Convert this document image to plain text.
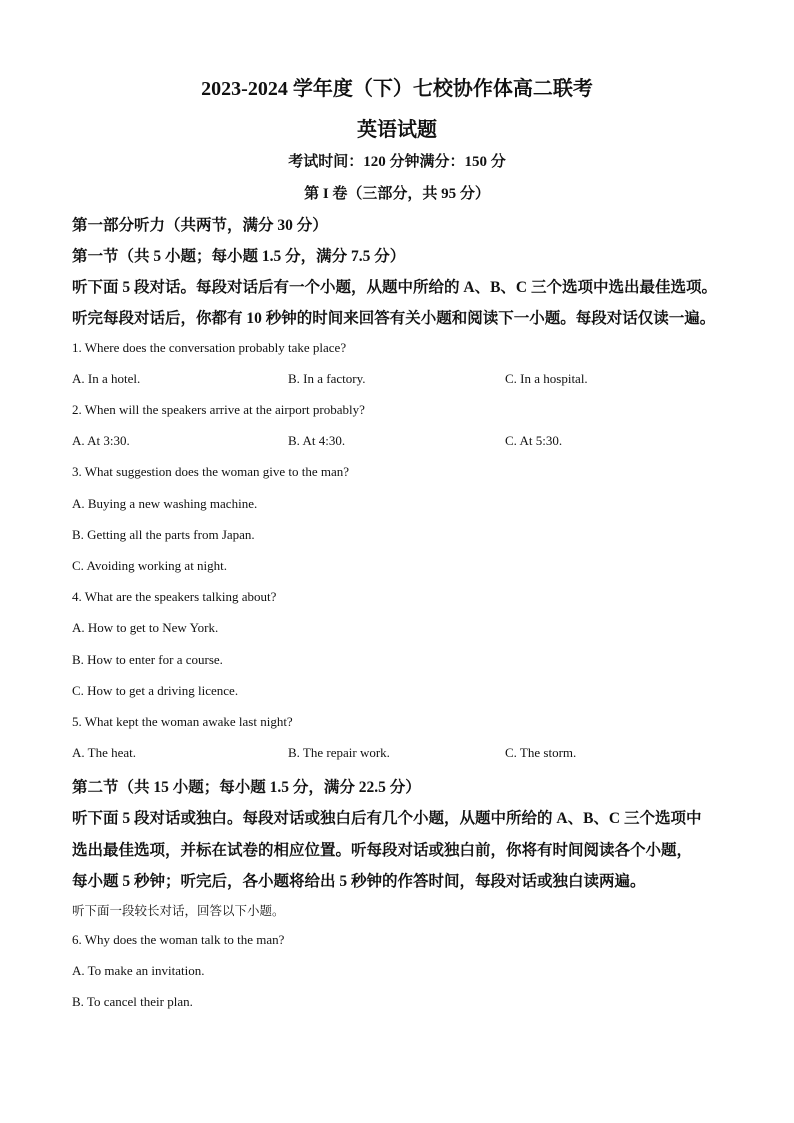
2023-2024 学年度（下）七校协作体高二联考
英语试题
考试时间：120 分钟满分：150 分
第 I 卷（三部分，共 95 分）
第一部分听力（共两节，满分 30 分）
第一节（共 5 小题；每小题 1.5 分，满分 7.5 分）
听下面 5 段对话。每段对话后有一个小题，从题中所给的 A、B、C 三个选项中选出最佳选项。
听完每段对话后，你都有 10 秒钟的时间来回答有关小题和阅读下一小题。每段对话仅读一遍。
1. Where does the conversation probably take place?
A. In a hotel.	B. In a factory.	C. In a hospital.
2. When will the speakers arrive at the airport probably?
A. At 3:30.	B. At 4:30.	C. At 5:30.
3. What suggestion does the woman give to the man?
A. Buying a new washing machine.
B. Getting all the parts from Japan.
C. Avoiding working at night.
4. What are the speakers talking about?
A. How to get to New York.
B. How to enter for a course.
C. How to get a driving licence.
5. What kept the woman awake last night?
A. The heat.	B. The repair work.	C. The storm.
第二节（共 15 小题；每小题 1.5 分，满分 22.5 分）
听下面 5 段对话或独白。每段对话或独白后有几个小题，从题中所给的 A、B、C 三个选项中
选出最佳选项，并标在试卷的相应位置。听每段对话或独白前，你将有时间阅读各个小题，
每小题 5 秒钟；听完后，各小题将给出 5 秒钟的作答时间，每段对话或独白读两遍。
听下面一段较长对话，回答以下小题。
6. Why does the woman talk to the man?
A. To make an invitation.
B. To cancel their plan.
